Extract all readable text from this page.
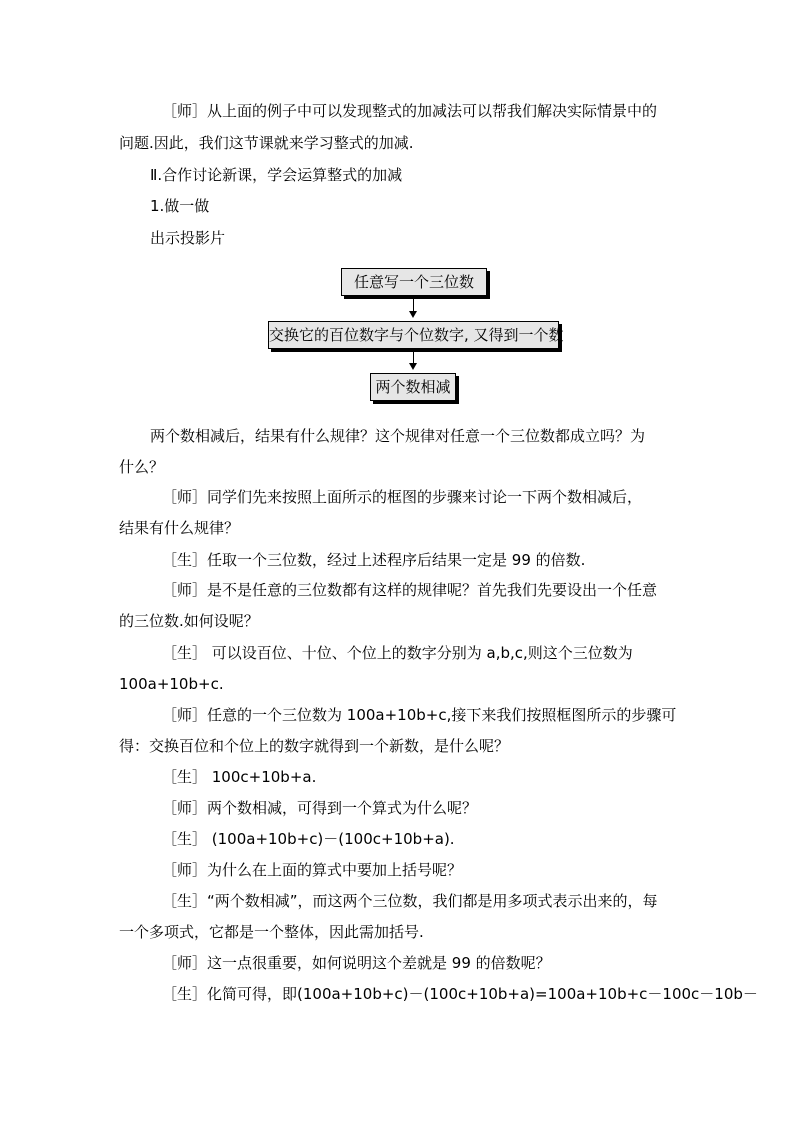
［师］从上面的例子中可以发现整式的加减法可以帮我们解决实际情景中的
问题.因此，我们这节课就来学习整式的加减.
Ⅱ.合作讨论新课，学会运算整式的加减
1.做一做
出示投影片
任意写一个三位数
交换它的百位数字与个位数字, 又得到一个数
两个数相减
两个数相减后，结果有什么规律？这个规律对任意一个三位数都成立吗？为
什么？
［师］同学们先来按照上面所示的框图的步骤来讨论一下两个数相减后，
结果有什么规律？
［生］任取一个三位数，经过上述程序后结果一定是 99 的倍数.
［师］是不是任意的三位数都有这样的规律呢？首先我们先要设出一个任意
的三位数.如何设呢？
［生］ 可以设百位、十位、个位上的数字分别为 a,b,c,则这个三位数为
100a+10b+c.
［师］任意的一个三位数为 100a+10b+c,接下来我们按照框图所示的步骤可
得：交换百位和个位上的数字就得到一个新数，是什么呢？
［生］ 100c+10b+a.
［师］两个数相减，可得到一个算式为什么呢？
［生］ (100a+10b+c)－(100c+10b+a).
［师］为什么在上面的算式中要加上括号呢？
［生］“两个数相减”，而这两个三位数，我们都是用多项式表示出来的，每
一个多项式，它都是一个整体，因此需加括号.
［师］这一点很重要，如何说明这个差就是 99 的倍数呢？
［生］化简可得，即(100a+10b+c)－(100c+10b+a)=100a+10b+c－100c－10b－
